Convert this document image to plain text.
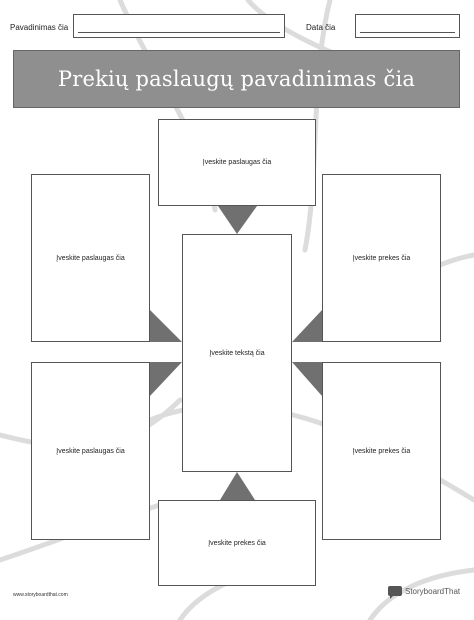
Pavadinimas čia	Data čia
Prekių paslaugų pavadinimas čia
Įveskite paslaugas čia
Įveskite paslaugas čia	Įveskite prekes čia
Įveskite tekstą čia
Įveskite paslaugas čia	Įveskite prekes čia
Įveskite prekes čia
www.storyboardthat.com	StoryboardThat
